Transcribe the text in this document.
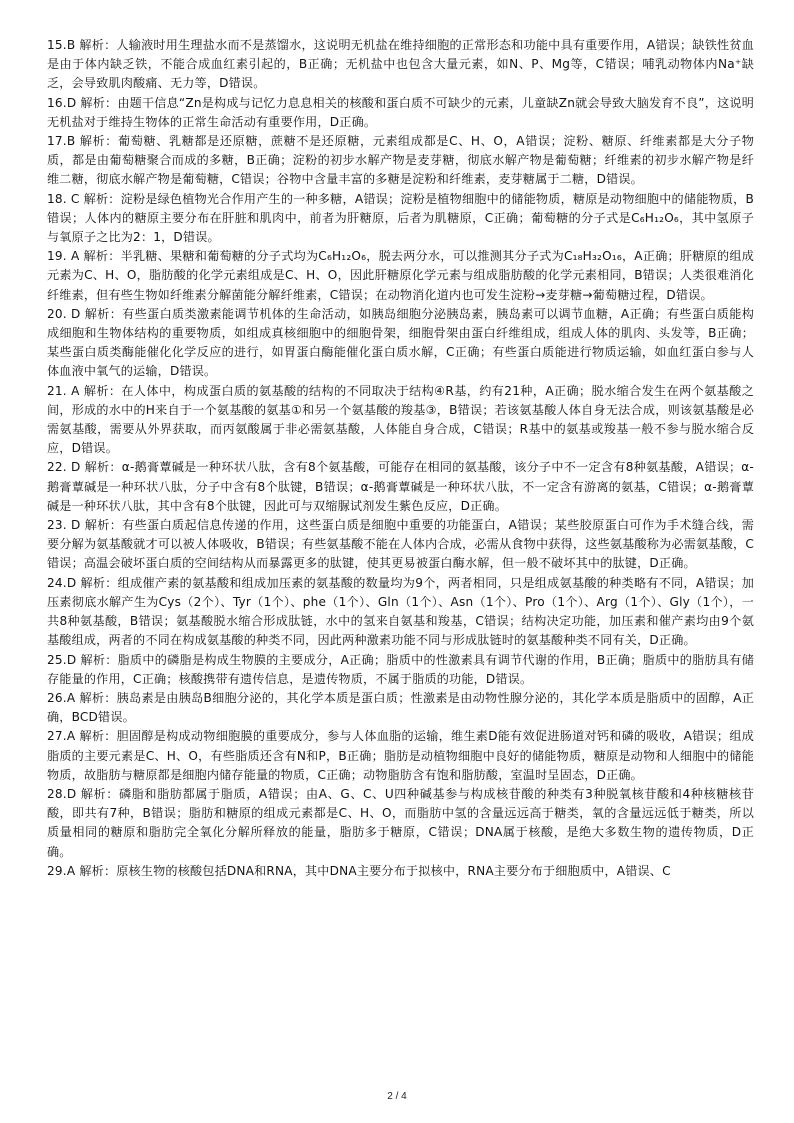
15.B 解析：人输液时用生理盐水而不是蒸馏水，这说明无机盐在维持细胞的正常形态和功能中具有重要作用，A错误；缺铁性贫血是由于体内缺乏铁，不能合成血红素引起的，B正确；无机盐中也包含大量元素，如N、P、Mg等，C错误；哺乳动物体内Na⁺缺乏，会导致肌肉酸痛、无力等，D错误。

16.D 解析：由题干信息“Zn是构成与记忆力息息相关的核酸和蛋白质不可缺少的元素，儿童缺Zn就会导致大脑发育不良”，这说明无机盐对于维持生物体的正常生命活动有重要作用，D正确。

17.B 解析：葡萄糖、乳糖都是还原糖，蔗糖不是还原糖，元素组成都是C、H、O，A错误；淀粉、糖原、纤维素都是大分子物质，都是由葡萄糖聚合而成的多糖，B正确；淀粉的初步水解产物是麦芽糖，彻底水解产物是葡萄糖；纤维素的初步水解产物是纤维二糖，彻底水解产物是葡萄糖，C错误；谷物中含量丰富的多糖是淀粉和纤维素，麦芽糖属于二糖，D错误。

18. C 解析：淀粉是绿色植物光合作用产生的一种多糖，A错误；淀粉是植物细胞中的储能物质，糖原是动物细胞中的储能物质，B错误；人体内的糖原主要分布在肝脏和肌肉中，前者为肝糖原，后者为肌糖原，C正确；葡萄糖的分子式是C₆H₁₂O₆，其中氢原子与氧原子之比为2：1，D错误。

19. A 解析：半乳糖、果糖和葡萄糖的分子式均为C₆H₁₂O₆，脱去两分水，可以推测其分子式为C₁₈H₃₂O₁₆，A正确；肝糖原的组成元素为C、H、O，脂肪酸的化学元素组成是C、H、O，因此肝糖原化学元素与组成脂肪酸的化学元素相同，B错误；人类很难消化纤维素，但有些生物如纤维素分解菌能分解纤维素，C错误；在动物消化道内也可发生淀粉→麦芽糖→葡萄糖过程，D错误。

20. D 解析：有些蛋白质类激素能调节机体的生命活动，如胰岛细胞分泌胰岛素，胰岛素可以调节血糖，A正确；有些蛋白质能构成细胞和生物体结构的重要物质，如组成真核细胞中的细胞骨架，细胞骨架由蛋白纤维组成，组成人体的肌肉、头发等，B正确；某些蛋白质类酶能催化化学反应的进行，如胃蛋白酶能催化蛋白质水解，C正确；有些蛋白质能进行物质运输，如血红蛋白参与人体血液中氧气的运输，D错误。

21. A 解析：在人体中，构成蛋白质的氨基酸的结构的不同取决于结构④R基，约有21种，A正确；脱水缩合发生在两个氨基酸之间，形成的水中的H来自于一个氨基酸的氨基①和另一个氨基酸的羧基③，B错误；若该氨基酸人体自身无法合成，则该氨基酸是必需氨基酸，需要从外界获取，而丙氨酸属于非必需氨基酸，人体能自身合成，C错误；R基中的氨基或羧基一般不参与脱水缩合反应，D错误。

22. D 解析：α-鹅膏蕈碱是一种环状八肽，含有8个氨基酸，可能存在相同的氨基酸，该分子中不一定含有8种氨基酸，A错误；α-鹅膏蕈碱是一种环状八肽，分子中含有8个肽键，B错误；α-鹅膏蕈碱是一种环状八肽，不一定含有游离的氨基，C错误；α-鹅膏蕈碱是一种环状八肽，其中含有8个肽键，因此可与双缩脲试剂发生紫色反应，D正确。

23. D 解析：有些蛋白质起信息传递的作用，这些蛋白质是细胞中重要的功能蛋白，A错误；某些胶原蛋白可作为手术缝合线，需要分解为氨基酸就才可以被人体吸收，B错误；有些氨基酸不能在人体内合成，必需从食物中获得，这些氨基酸称为必需氨基酸，C错误；高温会破坏蛋白质的空间结构从而暴露更多的肽键，使其更易被蛋白酶水解，但一般不破坏其中的肽键，D正确。

24.D 解析：组成催产素的氨基酸和组成加压素的氨基酸的数量均为9个，两者相同，只是组成氨基酸的种类略有不同，A错误；加压素彻底水解产生为Cys（2个）、Tyr（1个）、phe（1个）、Gln（1个）、Asn（1个）、Pro（1个）、Arg（1个）、Gly（1个），一共8种氨基酸，B错误；氨基酸脱水缩合形成肽链，水中的氢来自氨基和羧基，C错误；结构决定功能，加压素和催产素均由9个氨基酸组成，两者的不同在构成氨基酸的种类不同，因此两种激素功能不同与形成肽链时的氨基酸种类不同有关，D正确。

25.D 解析：脂质中的磷脂是构成生物膜的主要成分，A正确；脂质中的性激素具有调节代谢的作用，B正确；脂质中的脂肪具有储存能量的作用，C正确；核酸携带有遗传信息，是遗传物质，不属于脂质的功能，D错误。

26.A 解析：胰岛素是由胰岛B细胞分泌的，其化学本质是蛋白质；性激素是由动物性腺分泌的，其化学本质是脂质中的固醇，A正确，BCD错误。

27.A 解析：胆固醇是构成动物细胞膜的重要成分，参与人体血脂的运输，维生素D能有效促进肠道对钙和磷的吸收，A错误；组成脂质的主要元素是C、H、O，有些脂质还含有N和P，B正确；脂肪是动植物细胞中良好的储能物质，糖原是动物和人细胞中的储能物质，故脂肪与糖原都是细胞内储存能量的物质，C正确；动物脂肪含有饱和脂肪酸，室温时呈固态，D正确。

28.D 解析：磷脂和脂肪都属于脂质，A错误；由A、G、C、U四种碱基参与构成核苷酸的种类有3种脱氧核苷酸和4种核糖核苷酸，即共有7种，B错误；脂肪和糖原的组成元素都是C、H、O，而脂肪中氢的含量远远高于糖类，氧的含量远远低于糖类，所以质量相同的糖原和脂肪完全氧化分解所释放的能量，脂肪多于糖原，C错误；DNA属于核酸，是绝大多数生物的遗传物质，D正确。

29.A 解析：原核生物的核酸包括DNA和RNA，其中DNA主要分布于拟核中，RNA主要分布于细胞质中，A错误、C

2 / 4
